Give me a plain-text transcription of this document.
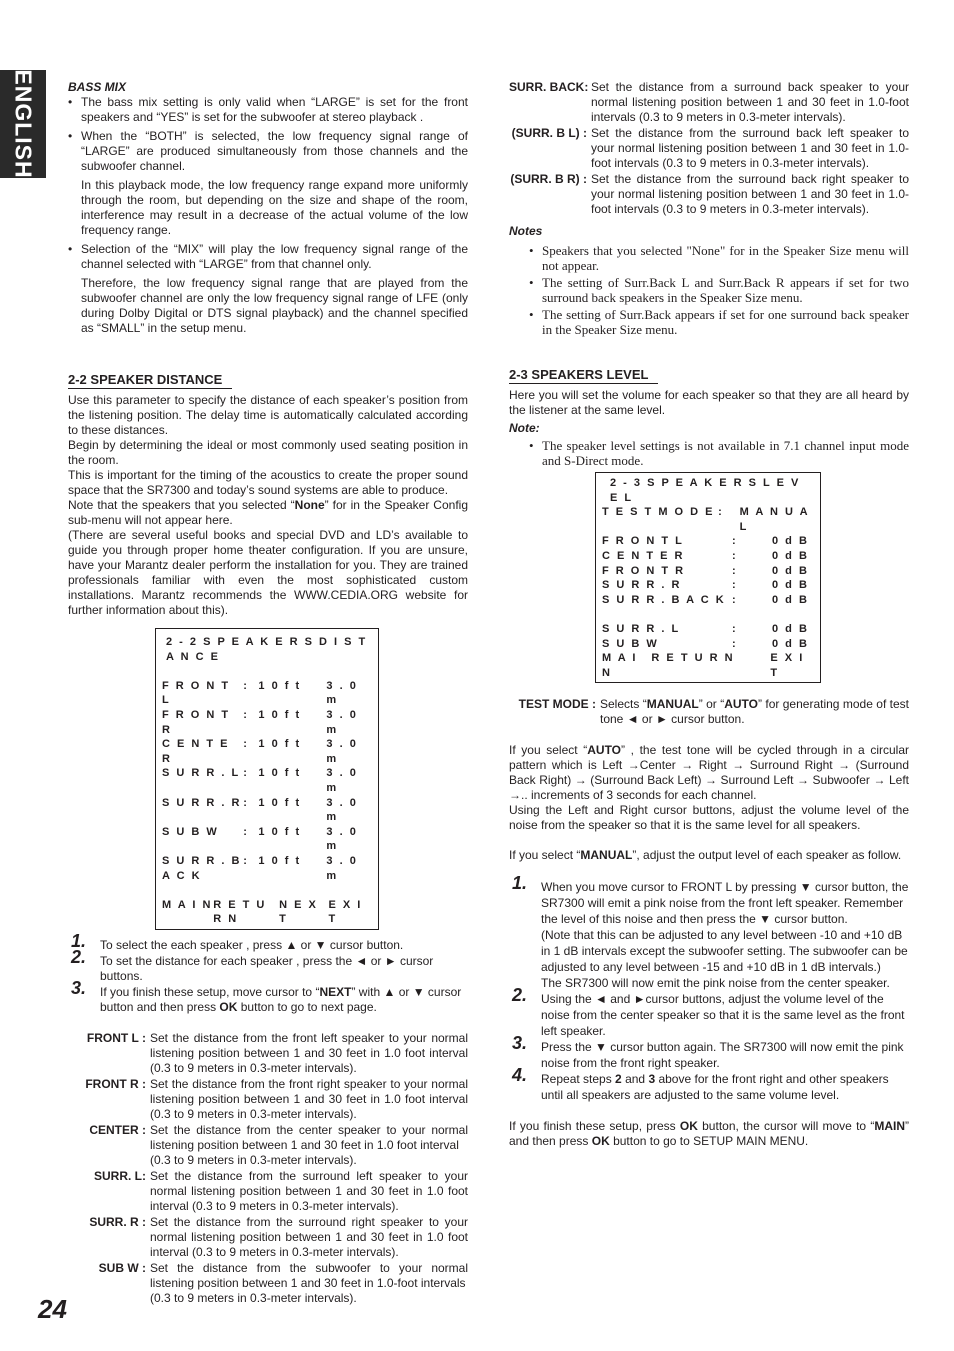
ENGLISH
24
BASS MIX
• The bass mix setting is only valid when “LARGE” is set for the front speakers and “YES” is set for the subwoofer at stereo playback .
• When the “BOTH” is selected, the low frequency signal range of “LARGE” are produced simultaneously from those channels and the subwoofer channel.
In this playback mode, the low frequency range expand more uniformly through the room, but depending on the size and shape of the room, interference may result in a decrease of the actual volume of the low frequency range.
• Selection of the “MIX” will play the low frequency signal range of the channel selected with “LARGE” from that channel only.
Therefore, the low frequency signal range that are played from the subwoofer channel are only the low frequency signal range of LFE (only during Dolby Digital or DTS signal playback) and the channel specified as “SMALL” in the setup menu.
2-2 SPEAKER DISTANCE

Use this parameter to specify the distance of each speaker’s position from the listening position. The delay time is automatically calculated according to these distances.

Begin by determining the ideal or most commonly used seating position in the room.

This is important for the timing of the acoustics to create the proper sound space that the SR7300 and today’s sound systems are able to produce.

Note that the speakers that you selected “None” for in the Speaker Config sub-menu will not appear here.

(There are several useful books and special DVD and LD’s available to guide you through proper home theater configuration. If you are unsure, have your Marantz dealer perform the installation for you. They are trained professionals familiar with even the most sophisticated custom installations. Marantz recommends the WWW.CEDIA.ORG website for further information about this).

2 - 2 S P E A K E R S D I S T A N C E
F R O N T L
: 1 0 f t	3 . 0 m
F R O N T R
: 1 0 f t	3 . 0 m
C E N T E R
: 1 0 f t	3 . 0 m
S U R R . L : 1 0 f t	3 . 0 m
S U R R . R : 1 0 f t	3 . 0 m
S U B W	: 1 0 f t	3 . 0 m
S U R R . B A C K
: 1 0 f t	3 . 0 m
M A I N R E T U R N
N E X T
E X I T
1. To select the each speaker , press ▲ or ▼ cursor button.
2. To set the distance for each speaker , press the ◄ or ► cursor buttons.
3. If you finish these setup, move cursor to “NEXT” with ▲ or ▼ cursor button and then press OK button to go to next page.
FRONT L : Set the distance from the front left speaker to your normal listening position between 1 and 30 feet in 1.0 foot interval (0.3 to 9 meters in 0.3-meter intervals).
FRONT R : Set the distance from the front right speaker to your normal listening position between 1 and 30 feet in 1.0 foot interval (0.3 to 9 meters in 0.3-meter intervals).
CENTER : Set the distance from the center speaker to your normal listening position between 1 and 30 feet in 1.0 foot interval
(0.3 to 9 meters in 0.3-meter intervals).
SURR. L: Set the distance from the surround left speaker to your normal listening position between 1 and 30 feet in 1.0 foot interval (0.3 to 9 meters in 0.3-meter intervals).
SURR. R : Set the distance from the surround right speaker to your normal listening position between 1 and 30 feet in 1.0 foot interval (0.3 to 9 meters in 0.3-meter intervals).
SUB W : Set the distance from the subwoofer to your normal listening position between 1 and 30 feet in 1.0-foot intervals
(0.3 to 9 meters in 0.3-meter intervals).
SURR. BACK: Set the distance from a surround back speaker to your normal listening position between 1 and 30 feet in 1.0-foot intervals (0.3 to 9 meters in 0.3-meter intervals).
(SURR. B L) : Set the distance from the surround back left speaker to your normal listening position between 1 and 30 feet in 1.0-foot intervals (0.3 to 9 meters in 0.3-meter intervals).
(SURR. B R) : Set the distance from the surround back right speaker to your normal listening position between 1 and 30 feet in 1.0-foot intervals (0.3 to 9 meters in 0.3-meter intervals).
Notes
• Speakers that you selected "None" for in the Speaker Size menu will not appear.
• The setting of Surr.Back L and Surr.Back R appears if set for two surround back speakers in the Speaker Size menu.
• The setting of Surr.Back appears if set for one surround back speaker in the Speaker Size menu.
2-3 SPEAKERS LEVEL

Here you will set the volume for each speaker so that they are all heard by the listener at the same level.

Note:
• The speaker level settings is not available in 7.1 channel input mode and S-Direct mode.
2 - 3 S P E A K E R S L E V E L
T E S T M O D E :	M A N U A L
F R O N T L	:	0 d B
C E N T E R	:	0 d B
F R O N T R	:	0 d B
S U R R . R	:	0 d B
S U R R . B A C K :	0 d B
S U R R . L	:	0 d B
S U B W	:	0 d B
M A I N
R E T U R N	E X I T
TEST MODE : Selects “MANUAL” or “AUTO” for generating mode of test tone ◄ or ► cursor button.

If you select “AUTO” , the test tone will be cycled through in a circular pattern which is Left →Center → Right → Surround Right → (Surround Back Right) → (Surround Back Left) → Surround Left → Subwoofer → Left →.. increments of 3 seconds for each channel.

Using the Left and Right cursor buttons, adjust the volume level of the noise from the speaker so that it is the same level for all speakers.

If you select “MANUAL”, adjust the output level of each speaker as follow.

1. When you move cursor to FRONT L by pressing ▼ cursor button, the SR7300 will emit a pink noise from the front left speaker. Remember the level of this noise and then press the ▼ cursor button.
(Note that this can be adjusted to any level between -10 and +10 dB in 1 dB intervals except the subwoofer setting. The subwoofer can be adjusted to any level between -15 and +10 dB in 1 dB intervals.)
The SR7300 will now emit the pink noise from the center speaker.
2. Using the ◄ and ►cursor buttons, adjust the volume level of the noise from the center speaker so that it is the same level as the front left speaker.
3. Press the ▼ cursor button again. The SR7300 will now emit the pink noise from the front right speaker.
4. Repeat steps 2 and 3 above for the front right and other speakers until all speakers are adjusted to the same volume level.

If you finish these setup, press OK button, the cursor will move to “MAIN” and then press OK button to go to SETUP MAIN MENU.
